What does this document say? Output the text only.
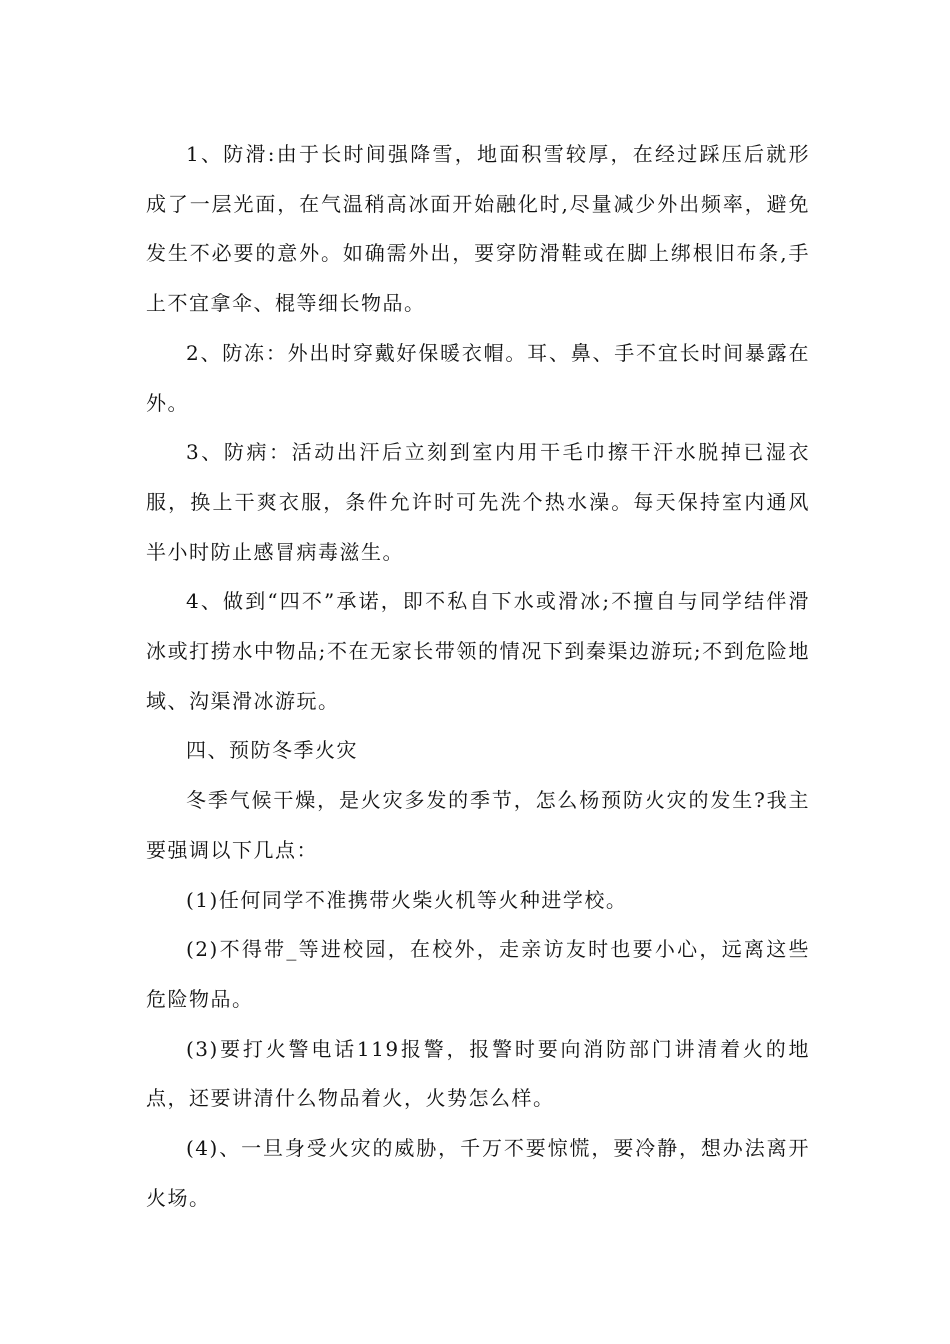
1、防滑:由于长时间强降雪，地面积雪较厚，在经过踩压后就形成了一层光面，在气温稍高冰面开始融化时,尽量减少外出频率，避免发生不必要的意外。如确需外出，要穿防滑鞋或在脚上绑根旧布条,手上不宜拿伞、棍等细长物品。

2、防冻：外出时穿戴好保暖衣帽。耳、鼻、手不宜长时间暴露在外。

3、防病：活动出汗后立刻到室内用干毛巾擦干汗水脱掉已湿衣服，换上干爽衣服，条件允许时可先洗个热水澡。每天保持室内通风半小时防止感冒病毒滋生。

4、做到“四不”承诺，即不私自下水或滑冰;不擅自与同学结伴滑冰或打捞水中物品;不在无家长带领的情况下到秦渠边游玩;不到危险地域、沟渠滑冰游玩。

四、预防冬季火灾

冬季气候干燥，是火灾多发的季节，怎么杨预防火灾的发生?我主要强调以下几点：

(1)任何同学不准携带火柴火机等火种进学校。

(2)不得带_等进校园，在校外，走亲访友时也要小心，远离这些危险物品。

(3)要打火警电话119报警，报警时要向消防部门讲清着火的地点，还要讲清什么物品着火，火势怎么样。

(4)、一旦身受火灾的威胁，千万不要惊慌，要冷静，想办法离开火场。
